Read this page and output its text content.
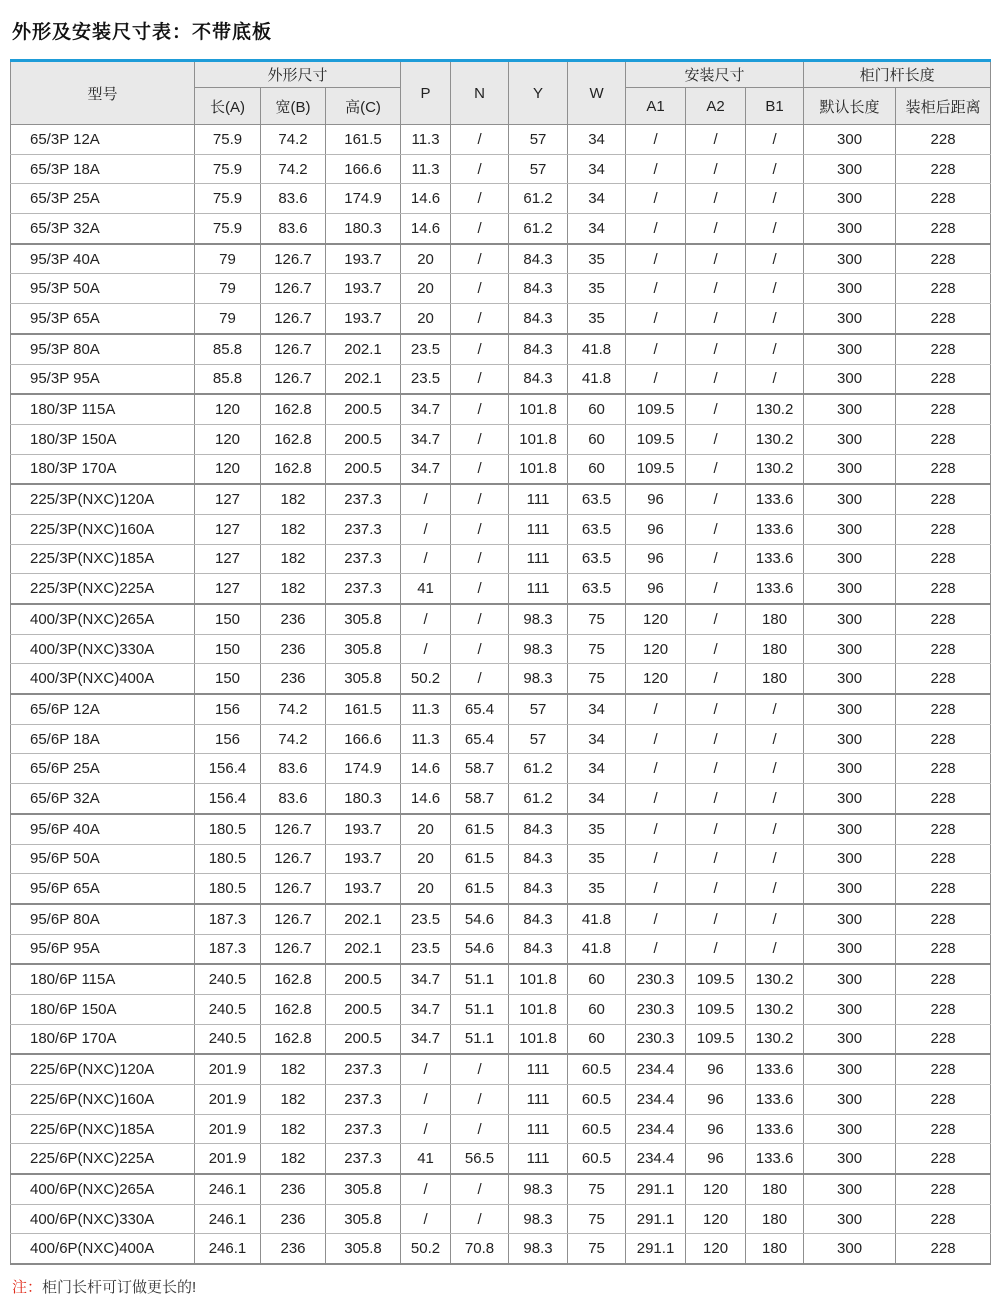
外形及安装尺寸表：不带底板
型号	外形尺寸			P	N	Y	W	安装尺寸			柜门杆长度	
	长(A)	宽(B)	高(C)					A1	A2	B1	默认长度	装柜后距离
65/3P 12A	75.9	74.2	161.5	11.3	/	57	34	/	/	/	300	228
65/3P 18A	75.9	74.2	166.6	11.3	/	57	34	/	/	/	300	228
65/3P 25A	75.9	83.6	174.9	14.6	/	61.2	34	/	/	/	300	228
65/3P 32A	75.9	83.6	180.3	14.6	/	61.2	34	/	/	/	300	228
95/3P 40A	79	126.7	193.7	20	/	84.3	35	/	/	/	300	228
95/3P 50A	79	126.7	193.7	20	/	84.3	35	/	/	/	300	228
95/3P 65A	79	126.7	193.7	20	/	84.3	35	/	/	/	300	228
95/3P 80A	85.8	126.7	202.1	23.5	/	84.3	41.8	/	/	/	300	228
95/3P 95A	85.8	126.7	202.1	23.5	/	84.3	41.8	/	/	/	300	228
180/3P 115A	120	162.8	200.5	34.7	/	101.8	60	109.5	/	130.2	300	228
180/3P 150A	120	162.8	200.5	34.7	/	101.8	60	109.5	/	130.2	300	228
180/3P 170A	120	162.8	200.5	34.7	/	101.8	60	109.5	/	130.2	300	228
225/3P(NXC)120A	127	182	237.3	/	/	111	63.5	96	/	133.6	300	228
225/3P(NXC)160A	127	182	237.3	/	/	111	63.5	96	/	133.6	300	228
225/3P(NXC)185A	127	182	237.3	/	/	111	63.5	96	/	133.6	300	228
225/3P(NXC)225A	127	182	237.3	41	/	111	63.5	96	/	133.6	300	228
400/3P(NXC)265A	150	236	305.8	/	/	98.3	75	120	/	180	300	228
400/3P(NXC)330A	150	236	305.8	/	/	98.3	75	120	/	180	300	228
400/3P(NXC)400A	150	236	305.8	50.2	/	98.3	75	120	/	180	300	228
65/6P 12A	156	74.2	161.5	11.3	65.4	57	34	/	/	/	300	228
65/6P 18A	156	74.2	166.6	11.3	65.4	57	34	/	/	/	300	228
65/6P 25A	156.4	83.6	174.9	14.6	58.7	61.2	34	/	/	/	300	228
65/6P 32A	156.4	83.6	180.3	14.6	58.7	61.2	34	/	/	/	300	228
95/6P 40A	180.5	126.7	193.7	20	61.5	84.3	35	/	/	/	300	228
95/6P 50A	180.5	126.7	193.7	20	61.5	84.3	35	/	/	/	300	228
95/6P 65A	180.5	126.7	193.7	20	61.5	84.3	35	/	/	/	300	228
95/6P 80A	187.3	126.7	202.1	23.5	54.6	84.3	41.8	/	/	/	300	228
95/6P 95A	187.3	126.7	202.1	23.5	54.6	84.3	41.8	/	/	/	300	228
180/6P 115A	240.5	162.8	200.5	34.7	51.1	101.8	60	230.3	109.5	130.2	300	228
180/6P 150A	240.5	162.8	200.5	34.7	51.1	101.8	60	230.3	109.5	130.2	300	228
180/6P 170A	240.5	162.8	200.5	34.7	51.1	101.8	60	230.3	109.5	130.2	300	228
225/6P(NXC)120A	201.9	182	237.3	/	/	111	60.5	234.4	96	133.6	300	228
225/6P(NXC)160A	201.9	182	237.3	/	/	111	60.5	234.4	96	133.6	300	228
225/6P(NXC)185A	201.9	182	237.3	/	/	111	60.5	234.4	96	133.6	300	228
225/6P(NXC)225A	201.9	182	237.3	41	56.5	111	60.5	234.4	96	133.6	300	228
400/6P(NXC)265A	246.1	236	305.8	/	/	98.3	75	291.1	120	180	300	228
400/6P(NXC)330A	246.1	236	305.8	/	/	98.3	75	291.1	120	180	300	228
400/6P(NXC)400A	246.1	236	305.8	50.2	70.8	98.3	75	291.1	120	180	300	228

注：柜门长杆可订做更长的!
